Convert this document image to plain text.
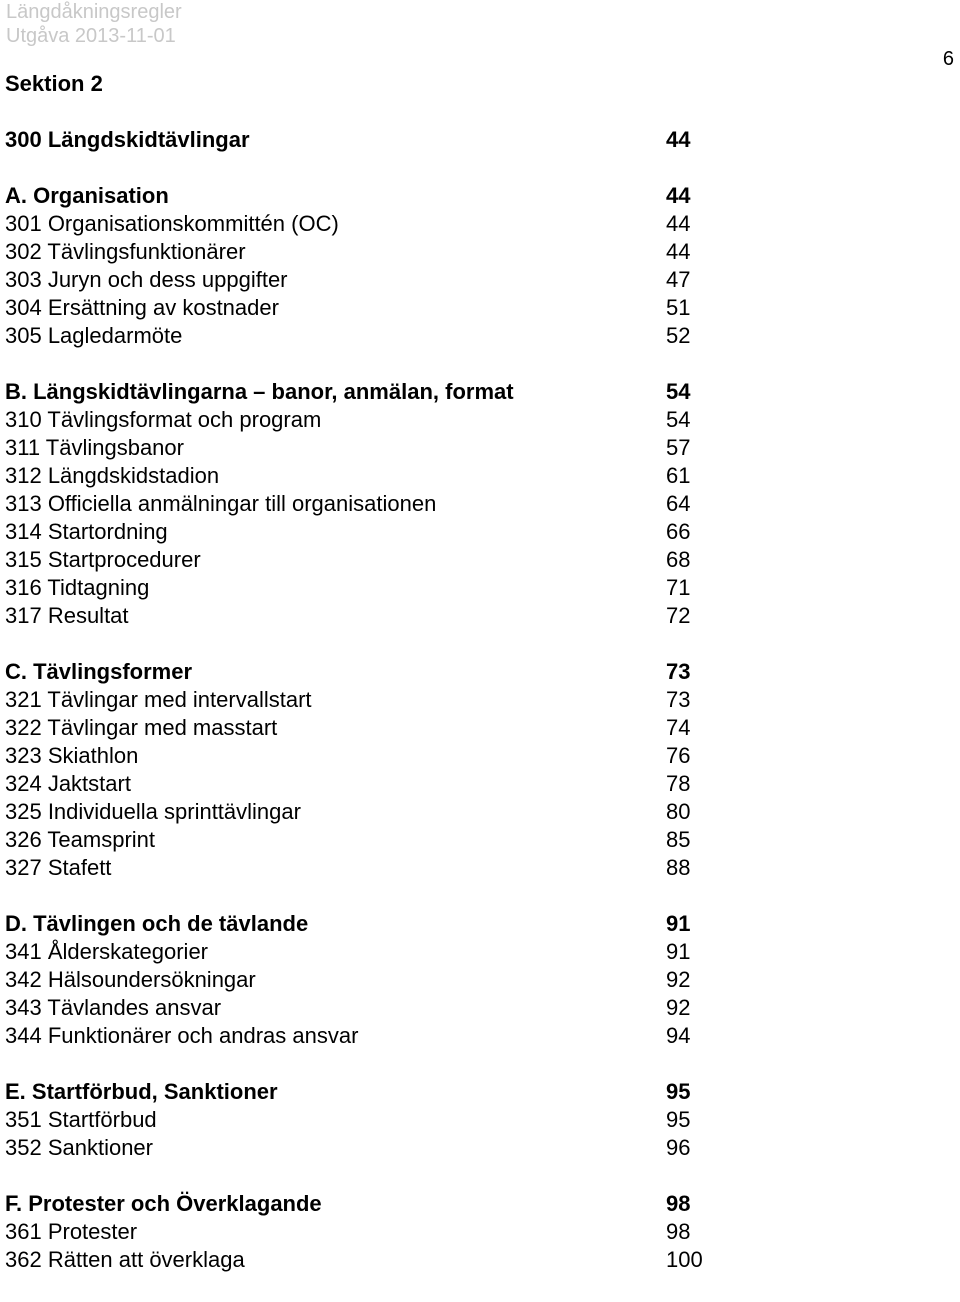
Längdåkningsregler
Utgåva 2013-11-01
6
Sektion 2
300 Längdskidtävlingar	44
A. Organisation	44
301 Organisationskommittén (OC)	44
302 Tävlingsfunktionärer	44
303 Juryn och dess uppgifter	47
304 Ersättning av kostnader	51
305 Lagledarmöte	52
B. Längskidtävlingarna – banor, anmälan, format	54
310 Tävlingsformat och program	54
311 Tävlingsbanor	57
312 Längdskidstadion	61
313 Officiella anmälningar till organisationen	64
314 Startordning	66
315 Startprocedurer	68
316 Tidtagning	71
317 Resultat	72
C. Tävlingsformer	73
321 Tävlingar med intervallstart	73
322 Tävlingar med masstart	74
323 Skiathlon	76
324 Jaktstart	78
325 Individuella sprinttävlingar	80
326 Teamsprint	85
327 Stafett	88
D. Tävlingen och de tävlande	91
341 Ålderskategorier	91
342 Hälsoundersökningar	92
343 Tävlandes ansvar	92
344 Funktionärer och andras ansvar	94
E. Startförbud, Sanktioner	95
351 Startförbud	95
352 Sanktioner	96
F. Protester och Överklagande	98
361 Protester	98
362 Rätten att överklaga	100
